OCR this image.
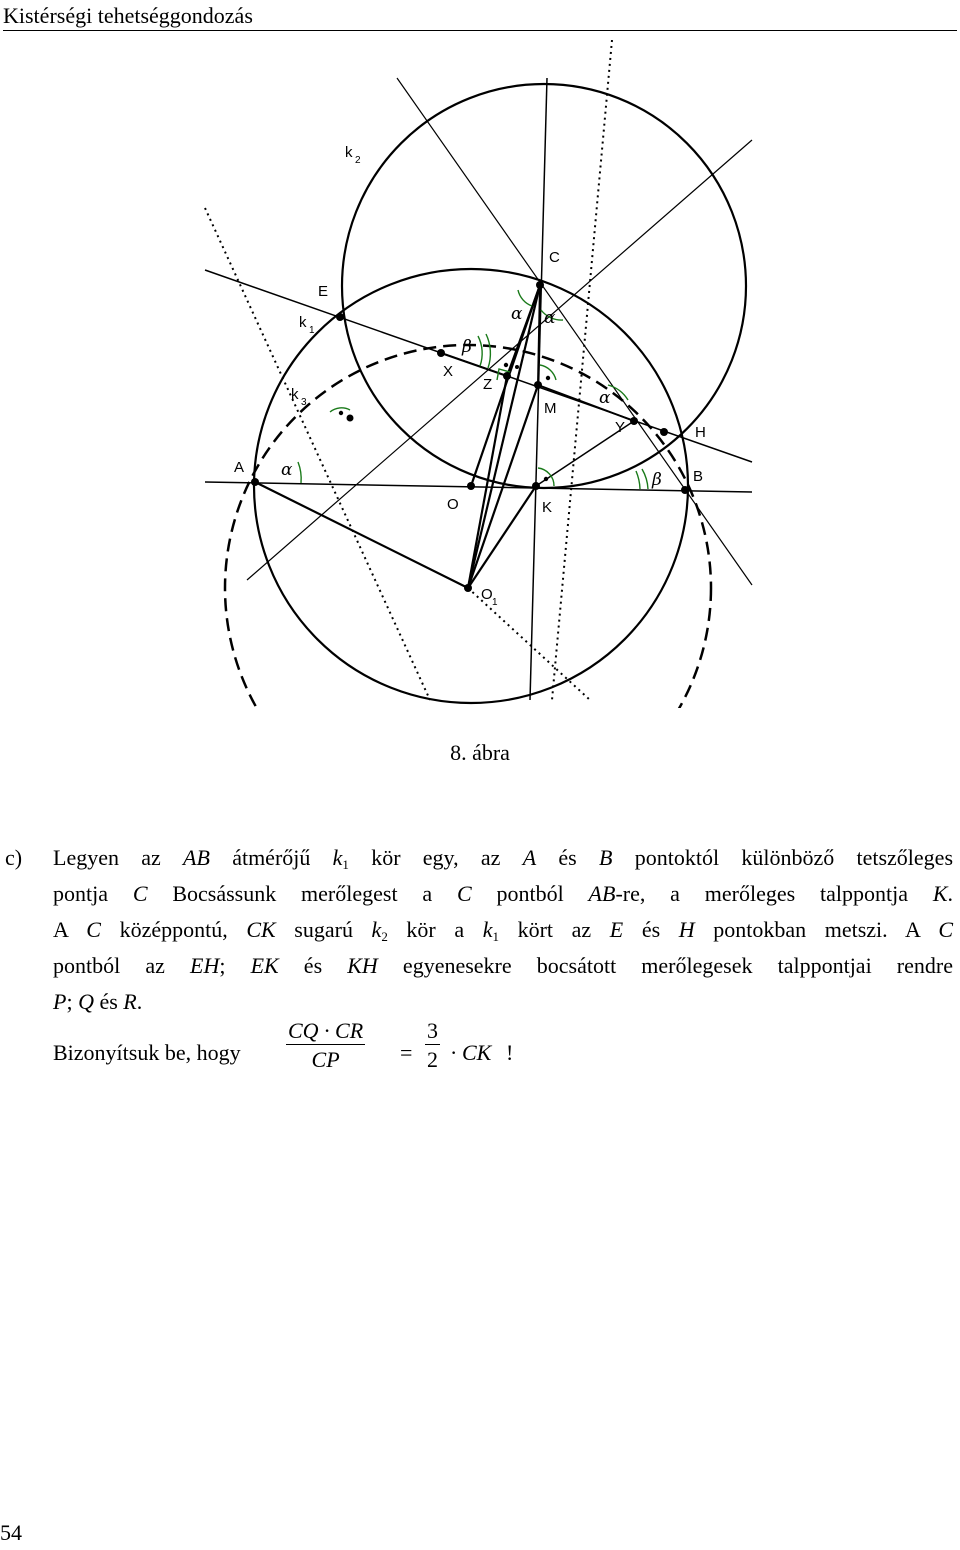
Kistérségi tehetséggondozás
k 2
C
E
k 1
X
Z
M
Y	H
k 3
A
B
O	K
O 1
α
α α
α
β
β
8. ábra
c) Legyen az AB átmérőjű $k_1$ kör egy, az A és B pontoktól különböző tetszőleges
pontja C Bocsássunk merőlegest a C pontból AB-re, a merőleges talppontja K.
A C középpontú, CK sugarú $k_2$ kör a $k_1$ kört az E és H pontokban metszi. A C
pontból az EH; EK és KH egyenesekre bocsátott merőlegesek talppontjai rendre
P; Q és R.
Bizonyítsuk be, hogy $\frac{CQ \cdot CR}{CP} = \frac{3}{2}$ · CK !
54
